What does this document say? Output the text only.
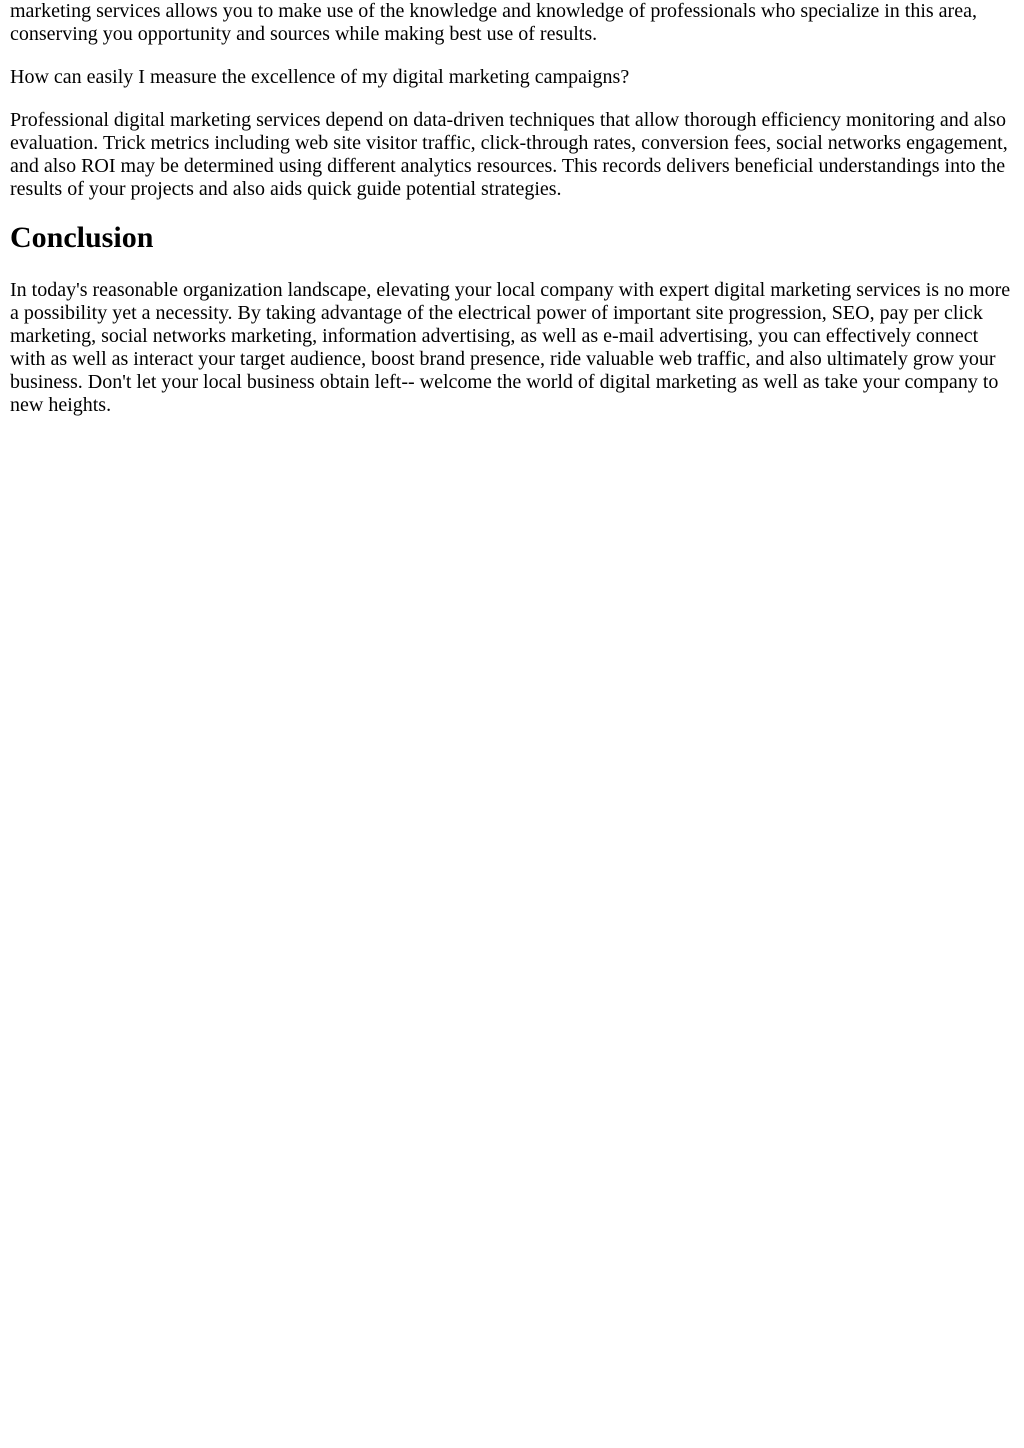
marketing services allows you to make use of the knowledge and knowledge of professionals who specialize in this area, conserving you opportunity and sources while making best use of results.

How can easily I measure the excellence of my digital marketing campaigns?

Professional digital marketing services depend on data-driven techniques that allow thorough efficiency monitoring and also evaluation. Trick metrics including web site visitor traffic, click-through rates, conversion fees, social networks engagement, and also ROI may be determined using different analytics resources. This records delivers beneficial understandings into the results of your projects and also aids quick guide potential strategies.

Conclusion

In today's reasonable organization landscape, elevating your local company with expert digital marketing services is no more a possibility yet a necessity. By taking advantage of the electrical power of important site progression, SEO, pay per click marketing, social networks marketing, information advertising, as well as e-mail advertising, you can effectively connect with as well as interact your target audience, boost brand presence, ride valuable web traffic, and also ultimately grow your business. Don't let your local business obtain left-- welcome the world of digital marketing as well as take your company to new heights.
